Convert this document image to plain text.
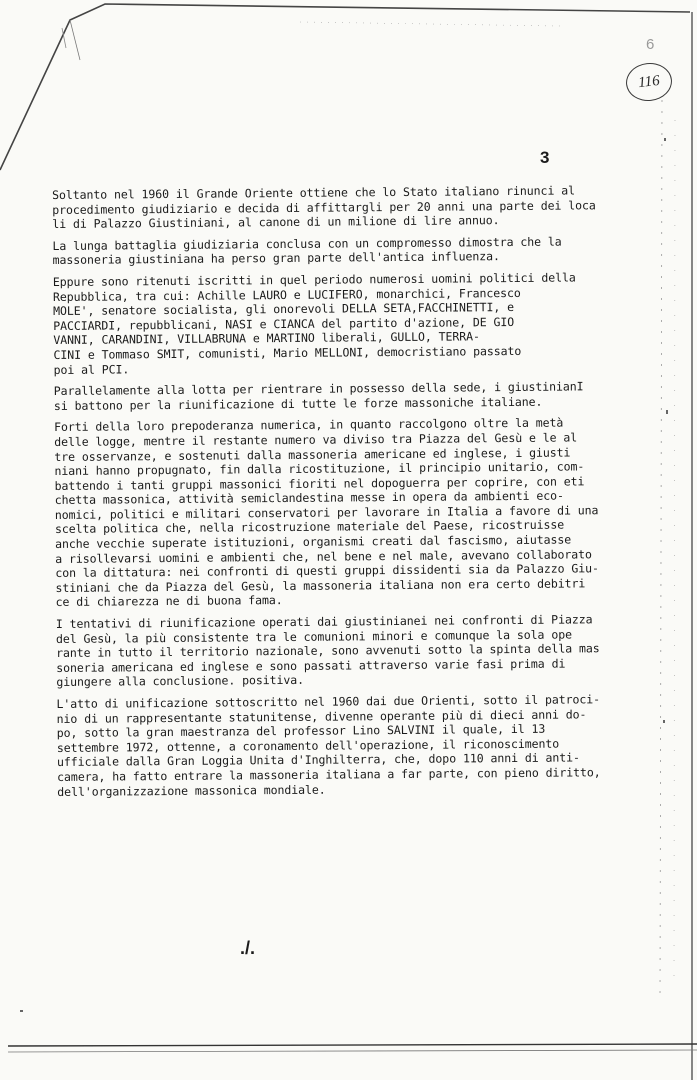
6
116
3

Soltanto nel 1960 il Grande Oriente ottiene che lo Stato italiano rinunci al
procedimento giudiziario e decida di affittargli per 20 anni una parte dei loca
li di Palazzo Giustiniani, al canone di un milione di lire annuo.

La lunga battaglia giudiziaria conclusa con un compromesso dimostra che la
massoneria giustiniana ha perso gran parte dell'antica influenza.

Eppure sono ritenuti iscritti in quel periodo numerosi uomini politici della
Repubblica, tra cui: Achille LAURO e LUCIFERO, monarchici, Francesco
MOLE', senatore socialista, gli onorevoli DELLA SETA,FACCHINETTI, e
PACCIARDI, repubblicani, NASI e CIANCA del partito d'azione, DE GIO
VANNI, CARANDINI, VILLABRUNA e MARTINO liberali, GULLO, TERRA-
CINI e Tommaso SMIT, comunisti, Mario MELLONI, democristiano passato
poi al PCI.

Parallelamente alla lotta per rientrare in possesso della sede, i giustinianI
si battono per la riunificazione di tutte le forze massoniche italiane.

Forti della loro prepoderanza numerica, in quanto raccolgono oltre la metà
delle logge, mentre il restante numero va diviso tra Piazza del Gesù e le al
tre osservanze, e sostenuti dalla massoneria americane ed inglese, i giusti
niani hanno propugnato, fin dalla ricostituzione, il principio unitario, com-
battendo i tanti gruppi massonici fioriti nel dopoguerra per coprire, con eti
chetta massonica, attività semiclandestina messe in opera da ambienti eco-
nomici, politici e militari conservatori per lavorare in Italia a favore di una
scelta politica che, nella ricostruzione materiale del Paese, ricostruisse
anche vecchie superate istituzioni, organismi creati dal fascismo, aiutasse
a risollevarsi uomini e ambienti che, nel bene e nel male, avevano collaborato
con la dittatura: nei confronti di questi gruppi dissidenti sia da Palazzo Giu-
stiniani che da Piazza del Gesù, la massoneria italiana non era certo debitri
ce di chiarezza ne di buona fama.

I tentativi di riunificazione operati dai giustinianei nei confronti di Piazza
del Gesù, la più consistente tra le comunioni minori e comunque la sola ope
rante in tutto il territorio nazionale, sono avvenuti sotto la spinta della mas
soneria americana ed inglese e sono passati attraverso varie fasi prima di
giungere alla conclusione. positiva.

L'atto di unificazione sottoscritto nel 1960 dai due Orienti, sotto il patroci-
nio di un rappresentante statunitense, divenne operante più di dieci anni do-
po, sotto la gran maestranza del professor Lino SALVINI il quale, il 13
settembre 1972, ottenne, a coronamento dell'operazione, il riconoscimento
ufficiale dalla Gran Loggia Unita d'Inghilterra, che, dopo 110 anni di anti-
camera, ha fatto entrare la massoneria italiana a far parte, con pieno diritto,
dell'organizzazione massonica mondiale.

./.
